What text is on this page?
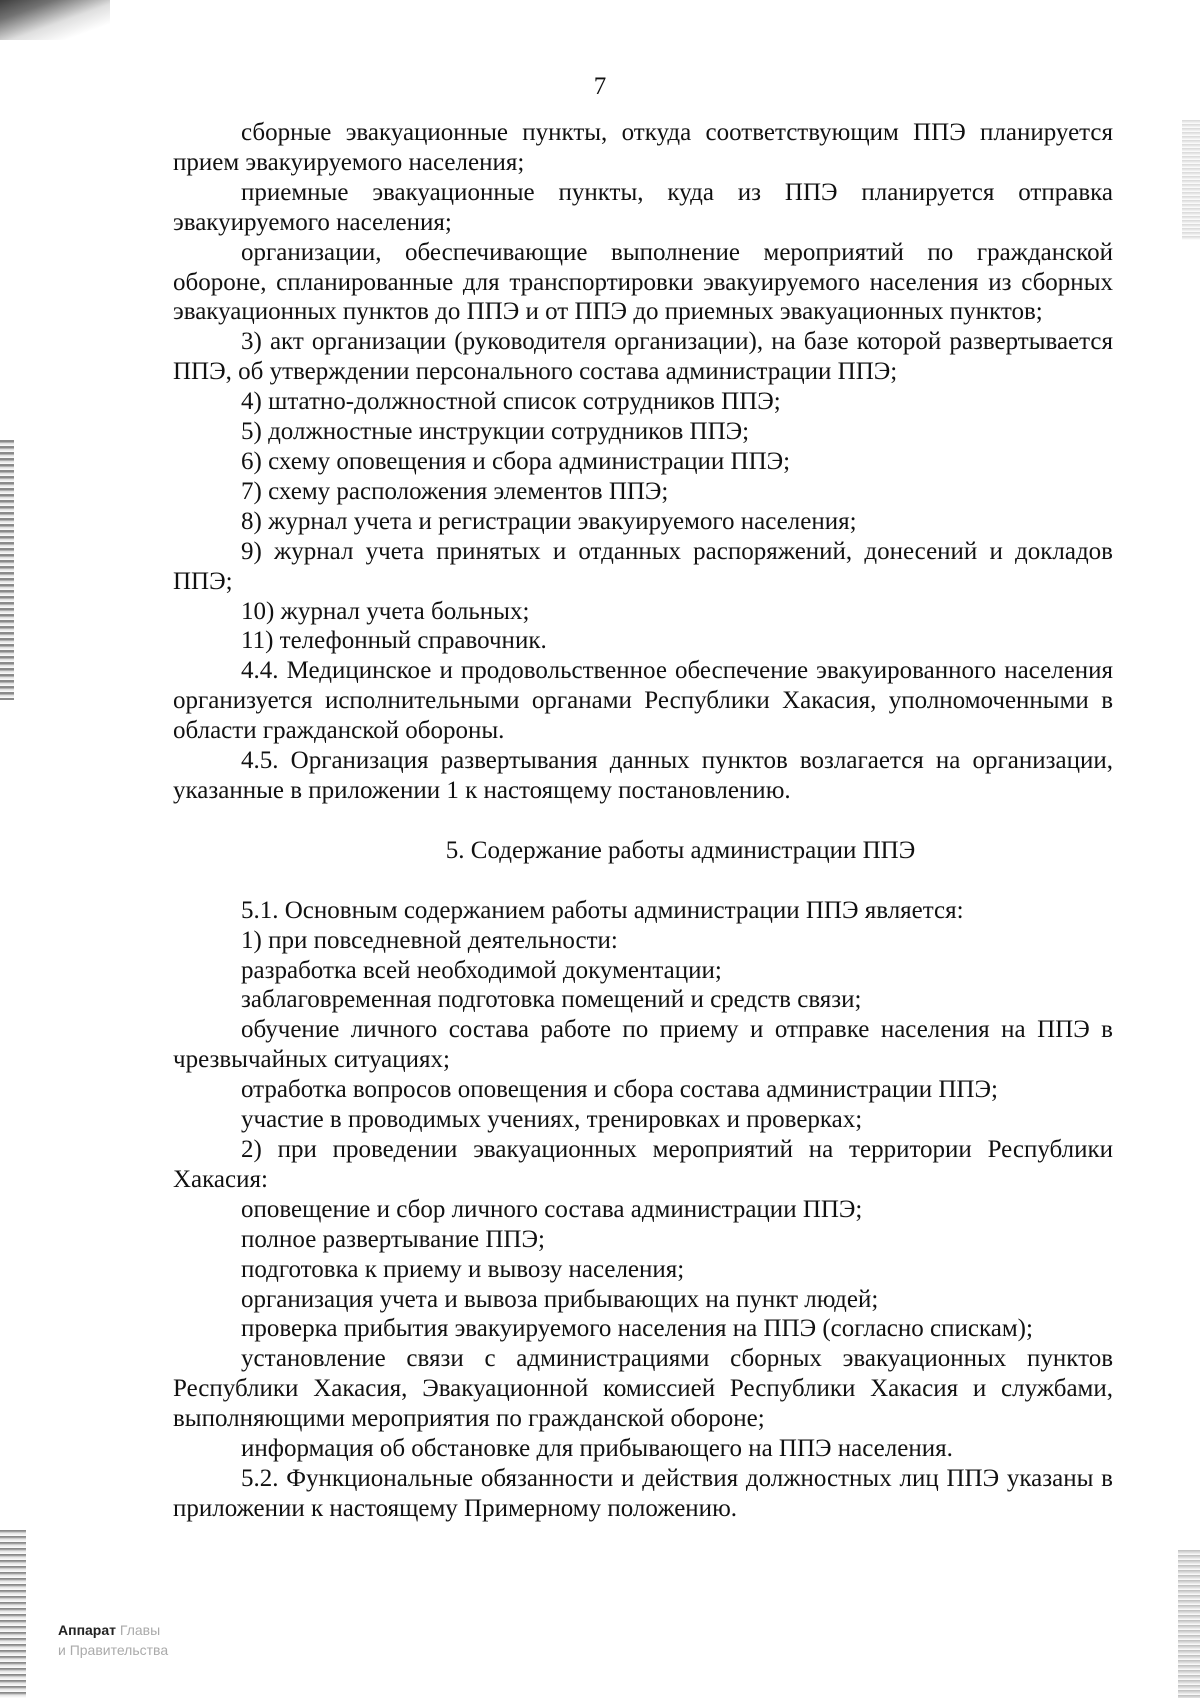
7

сборные эвакуационные пункты, откуда соответствующим ППЭ планируется прием эвакуируемого населения;

приемные эвакуационные пункты, куда из ППЭ планируется отправка эвакуируемого населения;

организации, обеспечивающие выполнение мероприятий по гражданской обороне, спланированные для транспортировки эвакуируемого населения из сборных эвакуационных пунктов до ППЭ и от ППЭ до приемных эвакуационных пунктов;

3) акт организации (руководителя организации), на базе которой развертывается ППЭ, об утверждении персонального состава администрации ППЭ;

4) штатно-должностной список сотрудников ППЭ;

5) должностные инструкции сотрудников ППЭ;

6) схему оповещения и сбора администрации ППЭ;

7) схему расположения элементов ППЭ;

8) журнал учета и регистрации эвакуируемого населения;

9) журнал учета принятых и отданных распоряжений, донесений и докладов ППЭ;

10) журнал учета больных;

11) телефонный справочник.

4.4. Медицинское и продовольственное обеспечение эвакуированного населения организуется исполнительными органами Республики Хакасия, уполномоченными в области гражданской обороны.

4.5. Организация развертывания данных пунктов возлагается на организации, указанные в приложении 1 к настоящему постановлению.

5. Содержание работы администрации ППЭ

5.1. Основным содержанием работы администрации ППЭ является:

1) при повседневной деятельности:

разработка всей необходимой документации;

заблаговременная подготовка помещений и средств связи;

обучение личного состава работе по приему и отправке населения на ППЭ в чрезвычайных ситуациях;

отработка вопросов оповещения и сбора состава администрации ППЭ;

участие в проводимых учениях, тренировках и проверках;

2) при проведении эвакуационных мероприятий на территории Республики Хакасия:

оповещение и сбор личного состава администрации ППЭ;

полное развертывание ППЭ;

подготовка к приему и вывозу населения;

организация учета и вывоза прибывающих на пункт людей;

проверка прибытия эвакуируемого населения на ППЭ (согласно спискам);

установление связи с администрациями сборных эвакуационных пунктов Республики Хакасия, Эвакуационной комиссией Республики Хакасия и службами, выполняющими мероприятия по гражданской обороне;

информация об обстановке для прибывающего на ППЭ населения.

5.2. Функциональные обязанности и действия должностных лиц ППЭ указаны в приложении к настоящему Примерному положению.

Аппарат Главы
и Правительства
